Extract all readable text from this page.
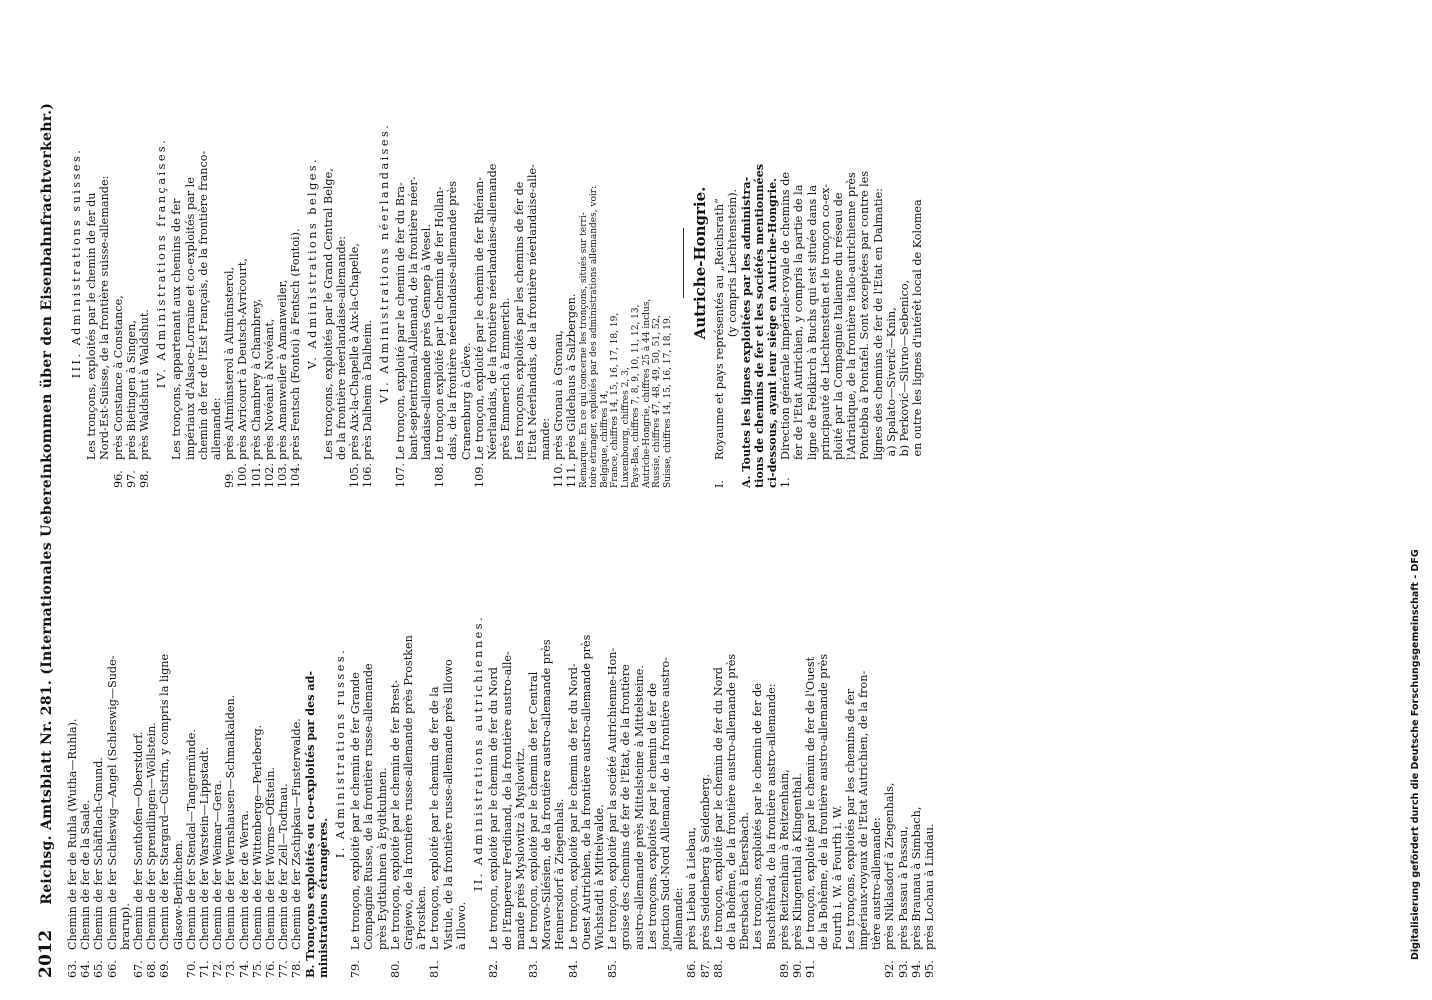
2012 Reichsg. Amtsblatt Nr. 281. (Internationales Uebereinkommen über den Eisenbahnfrachtverkehr.)
63.Chemin de fer de Ruhla (Wutha—Ruhla).
64.Chemin de fer de la Saale.
65.Chemin de fer Schäftlach-Gmund.
66.Chemin de fer Schleswig—Angel (Schleswig—Sude- brarup).
67.Chemin de fer Sonthofen—Oberstdorf.
68.Chemin de fer Sprendlingen—Wöllstein.
69.Chemin de fer Stargard—Cüstrin, y compris la ligne Glasow-Berlinchen.
70.Chemin de fer Stendal—Tangermünde.
71.Chemin de fer Warstein—Lippstadt.
72.Chemin de fer Weimar—Gera.
73.Chemin de fer Wernshausen—Schmalkalden.
74.Chemin de fer de Werra.
75.Chemin de fer Wittenberge—Perleberg.
76.Chemin de fer Worms—Offstein.
77.Chemin de fer Zell—Todtnau.
78.Chemin de fer Zschipkau—Finsterwalde. B. Tronçons exploités ou co-exploités par des ad- ministrations étrangères.
I. Administrations russes.
79.Le tronçon, exploité par le chemin de fer Grande Compagnie Russe, de la frontière russe-allemande près Eydtkuhnen à Eydtkuhnen.
80.Le tronçon, exploité par le chemin de fer Brest- Grajewo, de la frontière russe-allemande près Prostken à Prostken.
81.Le tronçon, exploité par le chemin de fer de la Vistule, de la frontière russe-allemande près Illowo à Illowo.
II. Administrations autrichiennes.
82.Le tronçon, exploité par le chemin de fer du Nord de l'Empereur Ferdinand, de la frontière austro-alle- mande près Myslowitz à Myslowitz.
83.Le tronçon, exploité par le chemin de fer Central Moravo-Silésien, de la frontière austro-allemande près Hennersdorf à Ziegenhals.
84.Le tronçon, exploité par le chemin de fer du Nord- Ouest Autrichien, de la frontière austro-allemande près Wichstadtl à Mittelwalde.
85.Le tronçon, exploité par la société Autrichienne-Hon- groise des chemins de fer de l'Etat, de la frontière austro-allemande près Mittelsteine à Mittelsteine. Les tronçons, exploités par le chemin de fer de jonction Sud-Nord Allemand, de la frontière austro- allemande:
86.près Liebau à Liebau,
87.près Seidenberg à Seidenberg.
88.Le tronçon, exploité par le chemin de fer du Nord de la Bohême, de la frontière austro-allemande près Ebersbach à Ebersbach. Les tronçons, exploités par le chemin de fer de Buschtěhrad, de la frontière austro-allemande:
89.près Reitzenhain à Reitzenhain,
90.près Klingenthal à Klingenthal.
91.Le tronçon, exploité par le chemin de fer de l'Ouest de la Bohême, de la frontière austro-allemande près Fourth i. W. à Fourth i. W. Les tronçons, exploités par les chemins de fer impériaux-royaux de l'Etat Autrichien, de la fron- tière austro-allemande:
92.près Niklasdorf à Ziegenhals,
93.près Passau à Passau,
94.près Braunau à Simbach,
95.près Lochau à Lindau.
III. Administrations suisses. Les tronçons, exploités par le chemin de fer du Nord-Est-Suisse, de la frontière suisse-allemande:
96.près Constance à Constance,
97.près Bietingen à Singen,
98.près Waldshut à Waldshut. IV. Administrations françaises. Les tronçons, appartenant aux chemins de fer impériaux d'Alsace-Lorraine et co-exploités par le chemin de fer de l'Est Français, de la frontière franco- allemande:
99.près Altmünsterol à Altmünsterol,
100.près Avricourt à Deutsch-Avricourt,
101.près Chambrey à Chambrey,
102.près Novéant à Novéant,
103.près Amanweiler à Amanweiler,
104.près Fentsch (Fontoi) à Fentsch (Fontoi). V. Administrations belges. Les tronçons, exploités par le Grand Central Belge, de la frontière néerlandaise-allemande:
105.près Aix-la-Chapelle à Aix-la-Chapelle,
106.près Dalheim à Dalheim. VI. Administrations néerlandaises.
107.Le tronçon, exploité par le chemin de fer du Bra- bant-septentrional-Allemand, de la frontière néer- landaise-allemande près Gennep à Wesel.
108.Le tronçon exploité par le chemin de fer Hollan- dais, de la frontière néerlandaise-allemande près Cranenburg à Clève.
109.Le tronçon, exploité par le chemin de fer Rhénan- Néerlandais, de la frontière néerlandaise-allemande près Emmerich à Emmerich. Les tronçons, exploités par les chemins de fer de l'Etat Néerlandais, de la frontière néerlandaise-alle- mande:
110.près Gronau à Gronau,
111.près Gildehaus à Salzbergen. Remarque. En ce qui concerne les tronçons, situés sur terri- toire étranger, exploités par des administrations allemandes, voir: Belgique, chiffres 14, France, chiffres 14, 15, 16, 17, 18, 19, Luxembourg, chiffres 2, 3, Pays-Bas, chiffres 7, 8, 9, 10, 11, 12, 13, Autriche-Hongrie, chiffres 25 à 44 inclus, Russie, chiffres 47, 48, 49, 50, 51, 52, Suisse, chiffres 14, 15, 16, 17, 18, 19.
Autriche-Hongrie.
I.Royaume et pays représentés au „Reichsrath“ (y compris Liechtenstein). A. Toutes les lignes exploitées par les administra- tions de chemins de fer et les sociétés mentionnées ci-dessous, ayant leur siège en Autriche-Hongrie. 1.Direction générale impériale-royale de chemins de fer de l'Etat Autrichien, y compris la partie de la ligne de Feldkirch à Buchs qui est située dans la principauté de Liechtenstein et le tronçon co-ex- ploité par la Compagnie Italienne du réseau de l'Adriatique, de la frontière italo-autrichienne près Pontebba à Pontafel. Sont exceptées par contre les lignes des chemins de fer de l'Etat en Dalmatie: a) Spalato—Siverič—Knin, b) Perković—Slivno—Sebenico, en outre les lignes d'intérêt local de Kolomea
Digitalisierung gefördert durch die Deutsche Forschungsgemeinschaft - DFG
